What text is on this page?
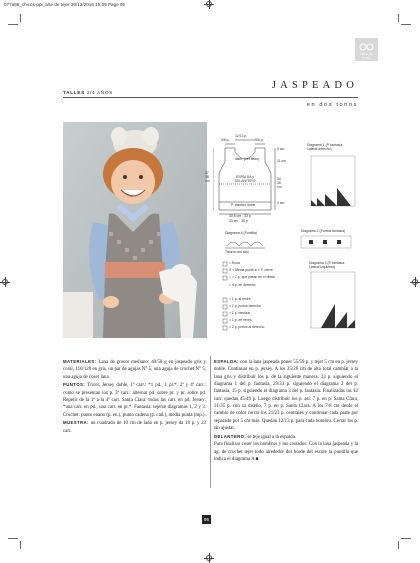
077a96_chicos-ppi_arte de tejer 30/12/2016 15:09 Page 95
ARTE DE TEJER
JASPEADO
TALLES 2/4 AÑOS
en dos tonos
12/13 p.
5/6 p.	5/6 p.
dism. (ver tiedo)
ESPALDA y DELANTERO
37 38 cm	34 36 cm
5 cm
11 cm
3 cm
P. elástico doble
30,5 cm - 33 p.
33 cm - 38 p.
Diagrama 1 (P. fantasía
Lateral derecho)
Diagrama 2 (Puntos fantasía)
Diagrama 3 (P. fantasía
Lateral izquierdo)
Diagrama A (Puntilla)
Tiburón del sitio
= Rosa
X = Media punto ● = P. cierre
○ = 2 p. que pasan en el ribete
= 4 p. en derecho
= 1 p. al revés
= 2 p. juntos derecho
= 1 p. deslizar
= 1 p. en revés
= 2 p. juntos al derecho

MATERIALES: Lana de grosor mediano: 40/50 g en jaspeado gris y coral, 110/120 en gris, un par de agujas N° 5, una aguja de crochet N° 5, una aguja de coser lana.

PUNTOS: Tricot, Jersey doble, 1ª carr.: *1 pd., 1 pr.*. 2ª y 4ª carr.: como se presentan los p. 3ª carr.: alternar pd. sobre pr. y pr. sobre pd. Repetir de la 1ª a la 4ª carr. Santa Clara: todas las carr. en pd. Jersey: *una carr. en pd., una carr. en pr.*. Fantasía: tejerse diagramas 1, 2 y 3. Crochet: punto enano (p. en.), punto cadena (p. cad.), media punta (mp.).

MUESTRA: un cuadrado de 10 cm de lado en p. jersey da 18 p. y 23 carr.

ESPALDA: con la lana jaspeada poner 55/59 p. y tejer 5 cm en p. jersey doble. Continuar en p. jersey. A los 25/26 cm de alto total cambiar a la lana gris y distribuir los p. de la siguiente manera: 33 p. siguiendo el diagrama 1 del p. fantasía, 29/33 p. siguiendo el diagrama 2 del p. fantasía, 15 p. siguiendo el diagrama 3 del p. fantasía. Finalizadas las 12 carr. quedan 45/49 p. Luego distribuir los p. así: 7 p. en p. Santa Clara, 31/35 p. con su diseño, 7 p. en p. Santa Clara. A los 7/8 cm desde el cambio de color cerrar los 21/23 p. centrales y continuar cada parte por separado por 5 cm más. Quedan 12/13 p. para cada hombro. Cerrar los p. sin ajustar.

DELANTERO: se teje igual a la espalda.

Para finalizar coser los hombros y los costados. Con la lana jaspeada y la ag. de crochet tejer todo alrededor del borde del escote la puntilla que indica el diagrama A ■

95
